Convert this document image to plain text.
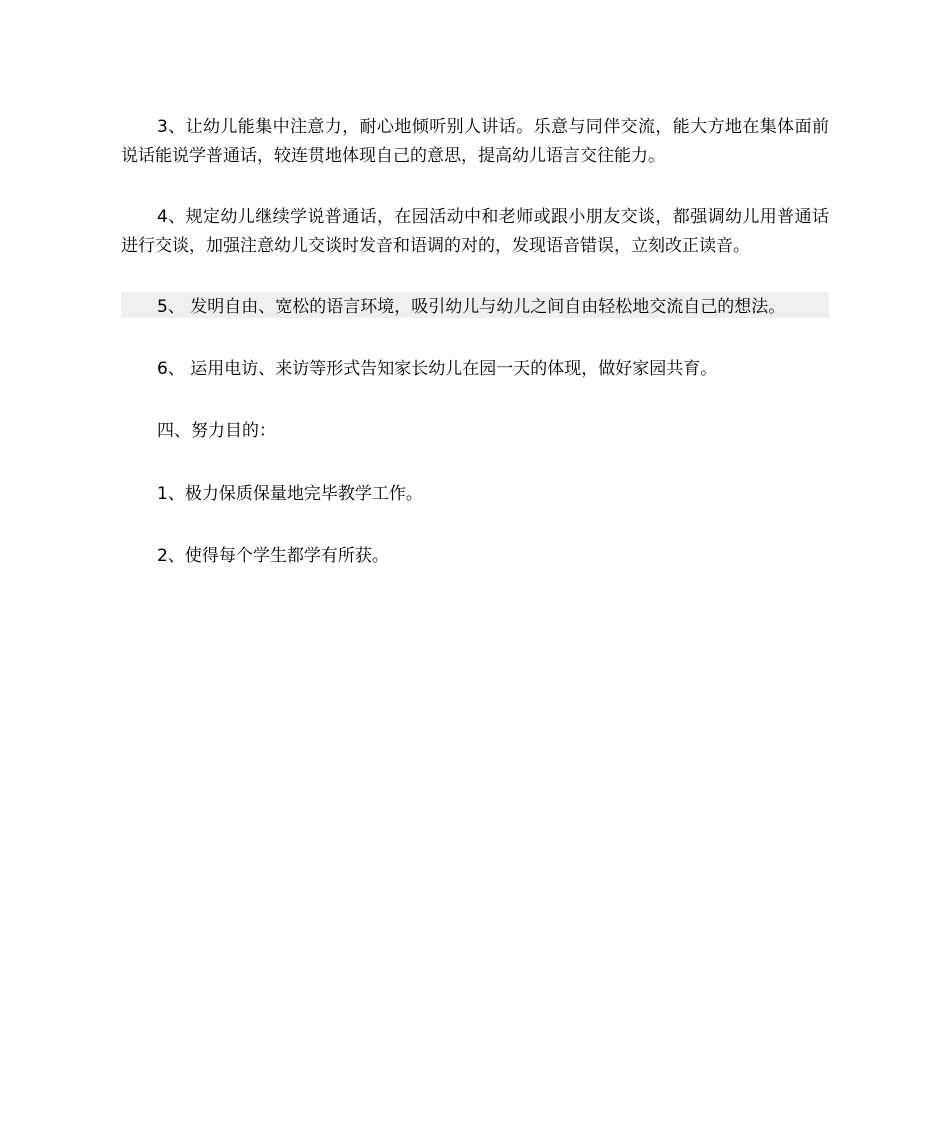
3、让幼儿能集中注意力，耐心地倾听别人讲话。乐意与同伴交流，能大方地在集体面前说话能说学普通话，较连贯地体现自己的意思，提高幼儿语言交往能力。

4、规定幼儿继续学说普通话，在园活动中和老师或跟小朋友交谈，都强调幼儿用普通话进行交谈，加强注意幼儿交谈时发音和语调的对的，发现语音错误，立刻改正读音。

5、 发明自由、宽松的语言环境，吸引幼儿与幼儿之间自由轻松地交流自己的想法。

6、 运用电访、来访等形式告知家长幼儿在园一天的体现，做好家园共育。

四、努力目的：

1、极力保质保量地完毕教学工作。

2、使得每个学生都学有所获。
